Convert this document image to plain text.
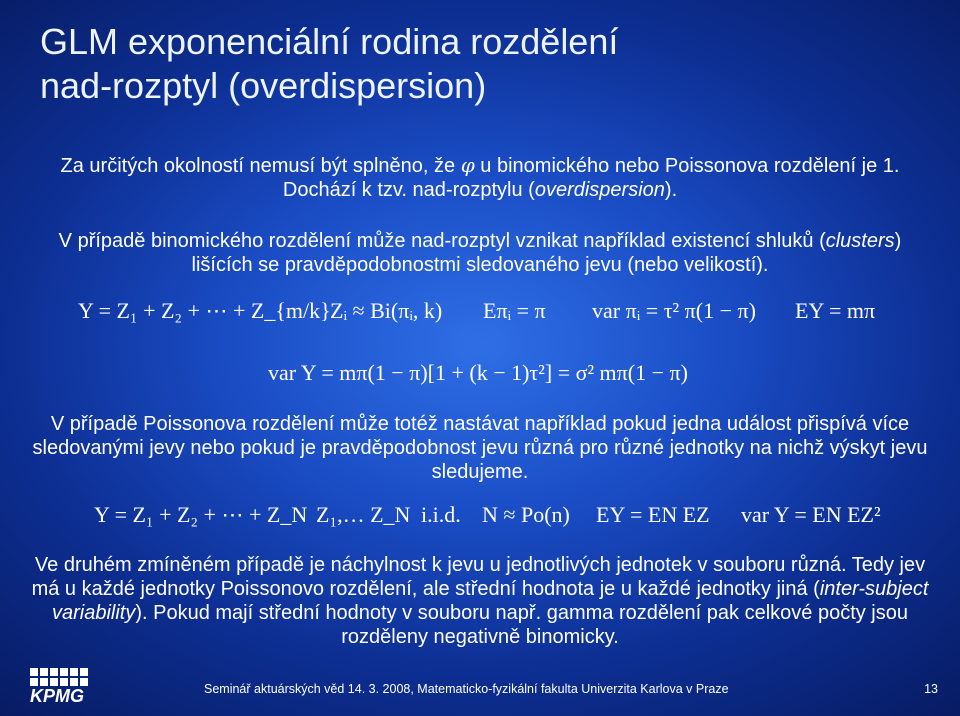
GLM exponenciální rodina rozdělení
nad-rozptyl (overdispersion)
Za určitých okolností nemusí být splněno, že φ u binomického nebo Poissonova rozdělení je 1. Dochází k tzv. nad-rozptylu (overdispersion).
V případě binomického rozdělení může nad-rozptyl vznikat například existencí shluků (clusters) lišících se pravděpodobnostmi sledovaného jevu (nebo velikostí).
Y = Z₁ + Z₂ + ⋯ + Z_{m/k} Zᵢ ≈ Bi(πᵢ, k) Eπᵢ = π var πᵢ = τ² π(1 − π) EY = mπ
var Y = mπ(1 − π)[1 + (k − 1)τ²] = σ² mπ(1 − π)
V případě Poissonova rozdělení může totéž nastávat například pokud jedna událost přispívá více sledovanými jevy nebo pokud je pravděpodobnost jevu různá pro různé jednotky na nichž výskyt jevu sledujeme.
Y = Z₁ + Z₂ + ⋯ + Z_N Z₁,… Z_N i.i.d. N ≈ Po(n) EY = EN EZ var Y = EN EZ²
Ve druhém zmíněném případě je náchylnost k jevu u jednotlivých jednotek v souboru různá. Tedy jev má u každé jednotky Poissonovo rozdělení, ale střední hodnota je u každé jednotky jiná (inter-subject variability). Pokud mají střední hodnoty v souboru např. gamma rozdělení pak celkové počty jsou rozděleny negativně binomicky.
KPMG	Seminář aktuárských věd 14. 3. 2008, Matematicko-fyzikální fakulta Univerzita Karlova v Praze	13
